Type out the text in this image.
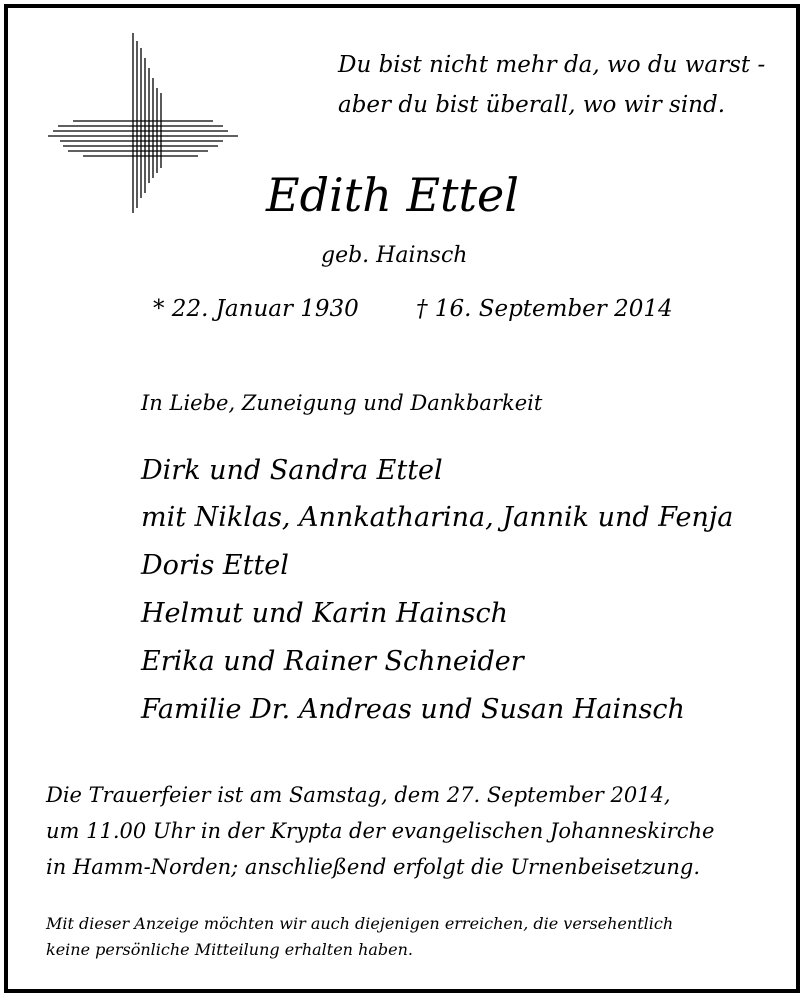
Du bist nicht mehr da, wo du warst -
aber du bist überall, wo wir sind.
Edith Ettel
geb. Hainsch
* 22. Januar 1930 † 16. September 2014
In Liebe, Zuneigung und Dankbarkeit
Dirk und Sandra Ettel
mit Niklas, Annkatharina, Jannik und Fenja
Doris Ettel
Helmut und Karin Hainsch
Erika und Rainer Schneider
Familie Dr. Andreas und Susan Hainsch
Die Trauerfeier ist am Samstag, dem 27. September 2014,
um 11.00 Uhr in der Krypta der evangelischen Johanneskirche
in Hamm-Norden; anschließend erfolgt die Urnenbeisetzung.
Mit dieser Anzeige möchten wir auch diejenigen erreichen, die versehentlich
keine persönliche Mitteilung erhalten haben.
